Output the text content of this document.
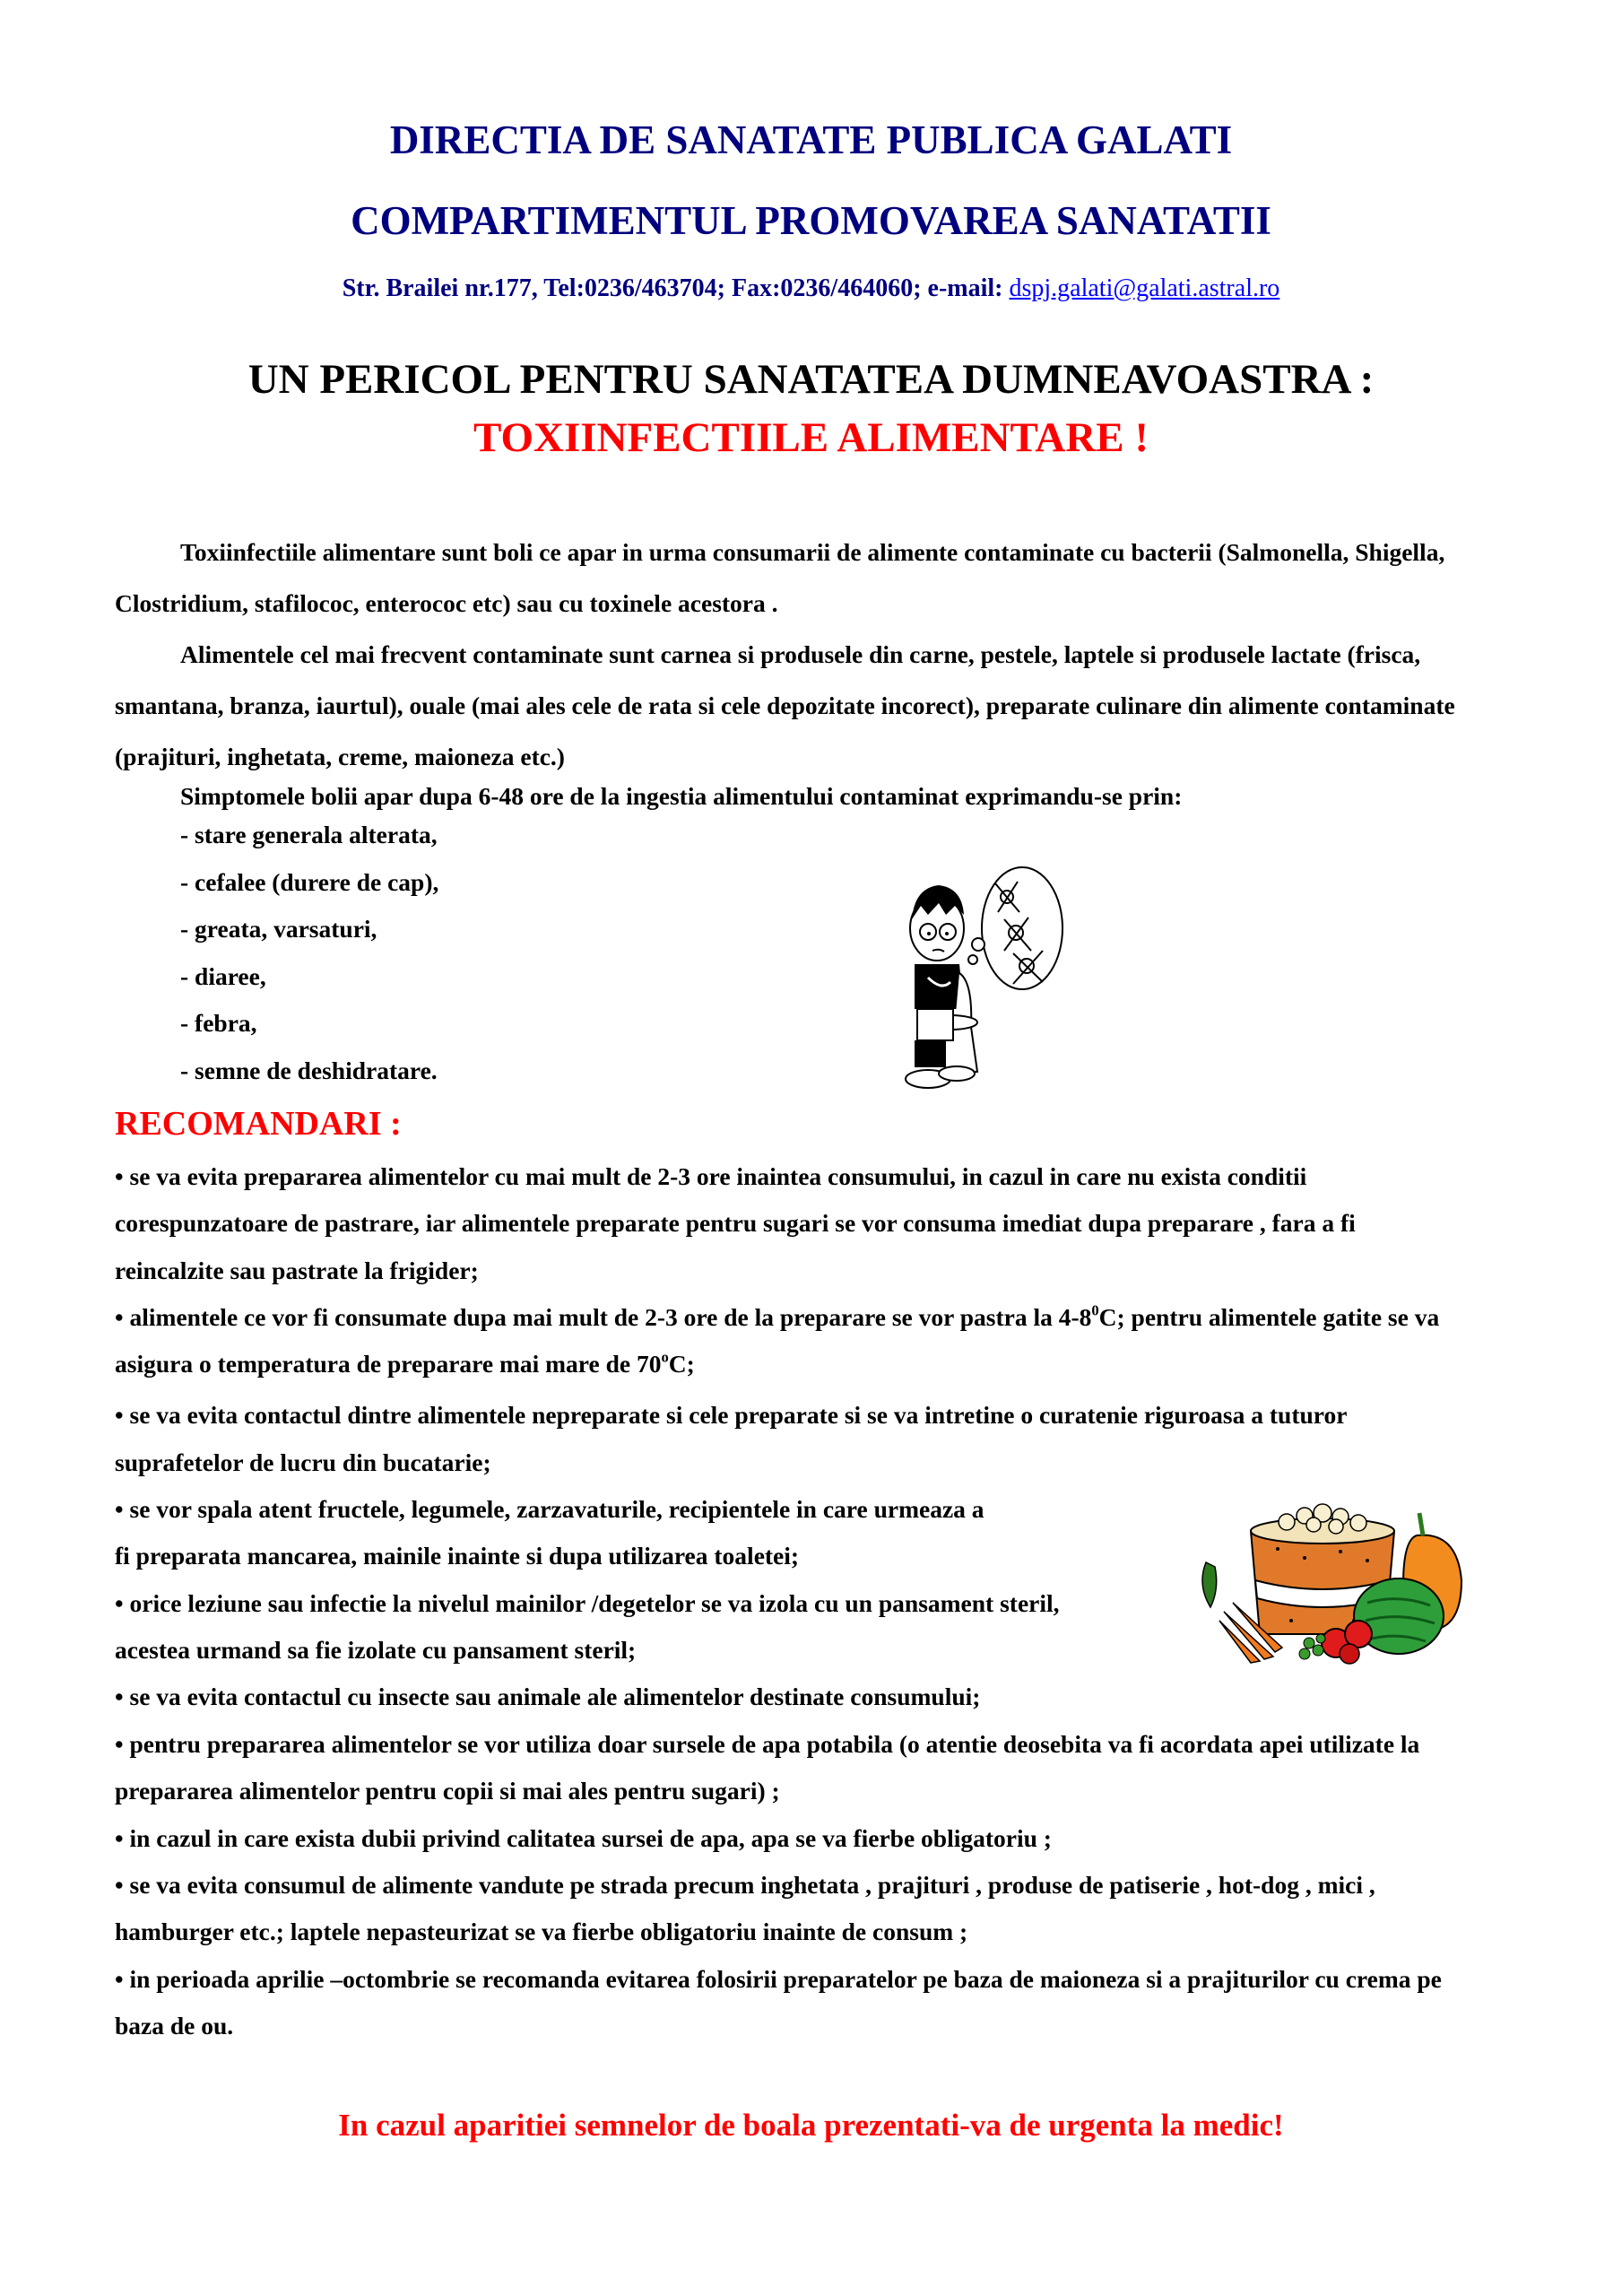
DIRECTIA DE SANATATE PUBLICA GALATI
COMPARTIMENTUL PROMOVAREA SANATATII
Str. Brailei nr.177, Tel:0236/463704; Fax:0236/464060; e-mail: dspj.galati@galati.astral.ro
UN PERICOL PENTRU SANATATEA DUMNEAVOASTRA :
TOXIINFECTIILE ALIMENTARE !
Toxiinfectiile alimentare sunt boli ce apar in urma consumarii de alimente contaminate cu bacterii (Salmonella, Shigella,
Clostridium, stafilococ, enterococ etc) sau cu toxinele acestora .
Alimentele cel mai frecvent contaminate sunt carnea si produsele din carne, pestele, laptele si produsele lactate (frisca,
smantana, branza, iaurtul), ouale (mai ales cele de rata si cele depozitate incorect), preparate culinare din alimente contaminate
(prajituri, inghetata, creme, maioneza etc.)
Simptomele bolii apar dupa 6-48 ore de la ingestia alimentului contaminat exprimandu-se prin:
- stare generala alterata,
- cefalee (durere de cap),
- greata, varsaturi,
- diaree,
- febra,
- semne de deshidratare.
RECOMANDARI :
• se va evita prepararea alimentelor cu mai mult de 2-3 ore inaintea consumului, in cazul in care nu exista conditii
corespunzatoare de pastrare, iar alimentele preparate pentru sugari se vor consuma imediat dupa preparare , fara a fi
reincalzite sau pastrate la frigider;
• alimentele ce vor fi consumate dupa mai mult de 2-3 ore de la preparare se vor pastra la $4-8^0C$; pentru alimentele gatite se va
asigura o temperatura de preparare mai mare de 70$^o$C;
• se va evita contactul dintre alimentele nepreparate si cele preparate si se va intretine o curatenie riguroasa a tuturor
suprafetelor de lucru din bucatarie;
• se vor spala atent fructele, legumele, zarzavaturile, recipientele in care urmeaza a
fi preparata mancarea, mainile inainte si dupa utilizarea toaletei;
• orice leziune sau infectie la nivelul mainilor /degetelor se va izola cu un pansament steril,
acestea urmand sa fie izolate cu pansament steril;
• se va evita contactul cu insecte sau animale ale alimentelor destinate consumului;
• pentru prepararea alimentelor se vor utiliza doar sursele de apa potabila (o atentie deosebita va fi acordata apei utilizate la
prepararea alimentelor pentru copii si mai ales pentru sugari) ;
• in cazul in care exista dubii privind calitatea sursei de apa, apa se va fierbe obligatoriu ;
• se va evita consumul de alimente vandute pe strada precum inghetata , prajituri , produse de patiserie , hot-dog , mici ,
hamburger etc.; laptele nepasteurizat se va fierbe obligatoriu inainte de consum ;
• in perioada aprilie –octombrie se recomanda evitarea folosirii preparatelor pe baza de maioneza si a prajiturilor cu crema pe
baza de ou.
In cazul aparitiei semnelor de boala prezentati-va de urgenta la medic!
